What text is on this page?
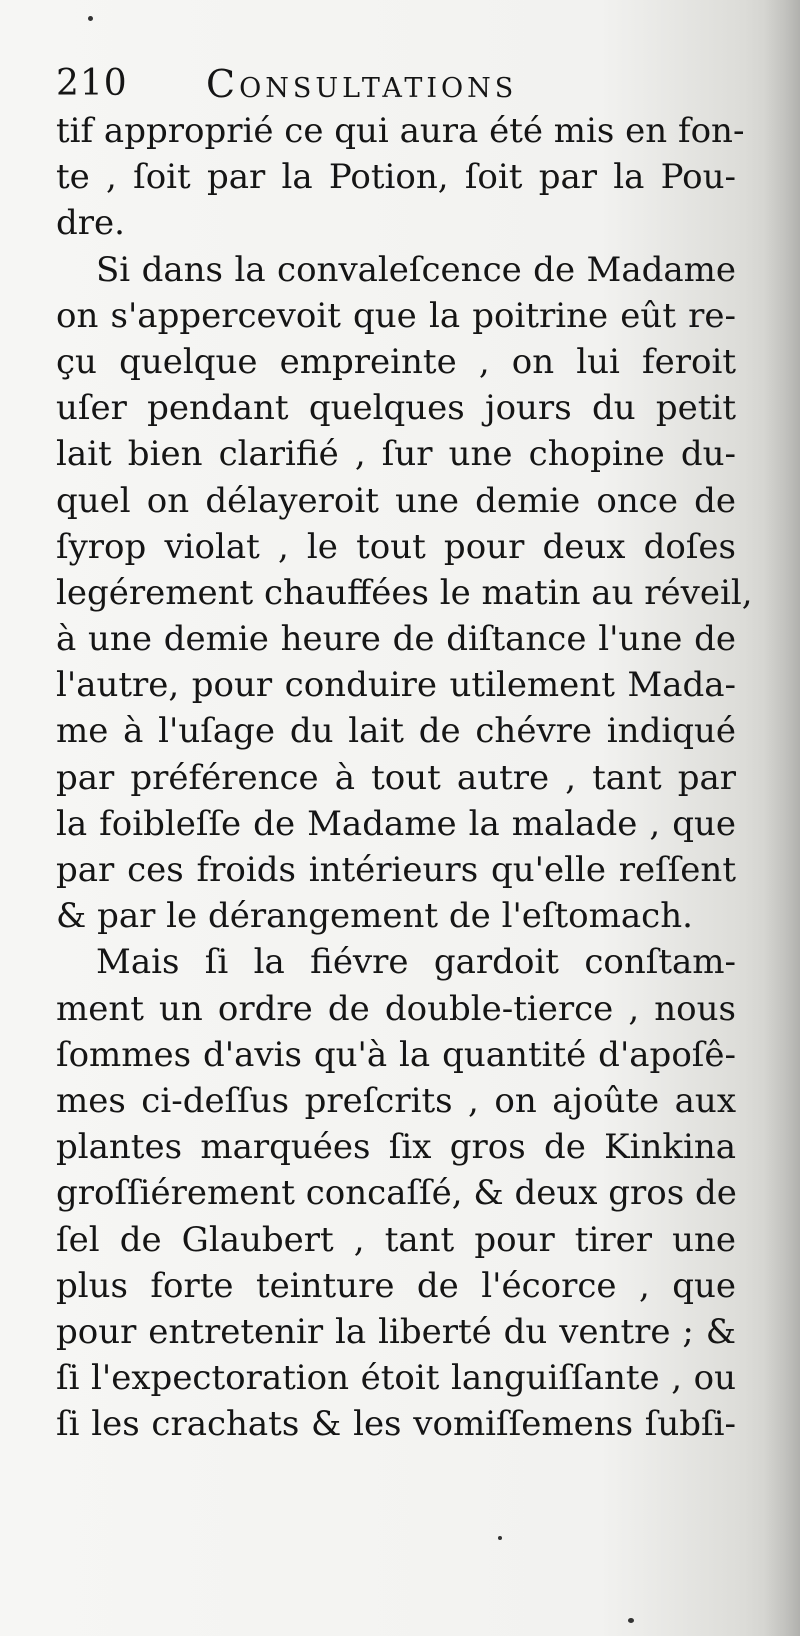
210 Consultations
tif approprié ce qui aura été mis en fon-
te , ſoit par la Potion, ſoit par la Pou-
dre.
Si dans la convaleſcence de Madame
on s'appercevoit que la poitrine eût re-
çu quelque empreinte , on lui feroit
uſer pendant quelques jours du petit
lait bien clarifié , ſur une chopine du-
quel on délayeroit une demie once de
ſyrop violat , le tout pour deux doſes
legérement chauffées le matin au réveil,
à une demie heure de diſtance l'une de
l'autre, pour conduire utilement Mada-
me à l'uſage du lait de chévre indiqué
par préférence à tout autre , tant par
la foibleſſe de Madame la malade , que
par ces froids intérieurs qu'elle reſſent
& par le dérangement de l'eſtomach.
Mais ſi la fiévre gardoit conſtam-
ment un ordre de double-tierce , nous
ſommes d'avis qu'à la quantité d'apoſê-
mes ci-deſſus preſcrits , on ajoûte aux
plantes marquées ſix gros de Kinkina
groſſiérement concaſſé, & deux gros de
ſel de Glaubert , tant pour tirer une
plus forte teinture de l'écorce , que
pour entretenir la liberté du ventre ; &
ſi l'expectoration étoit languiſſante , ou
ſi les crachats & les vomiſſemens ſubſi-
